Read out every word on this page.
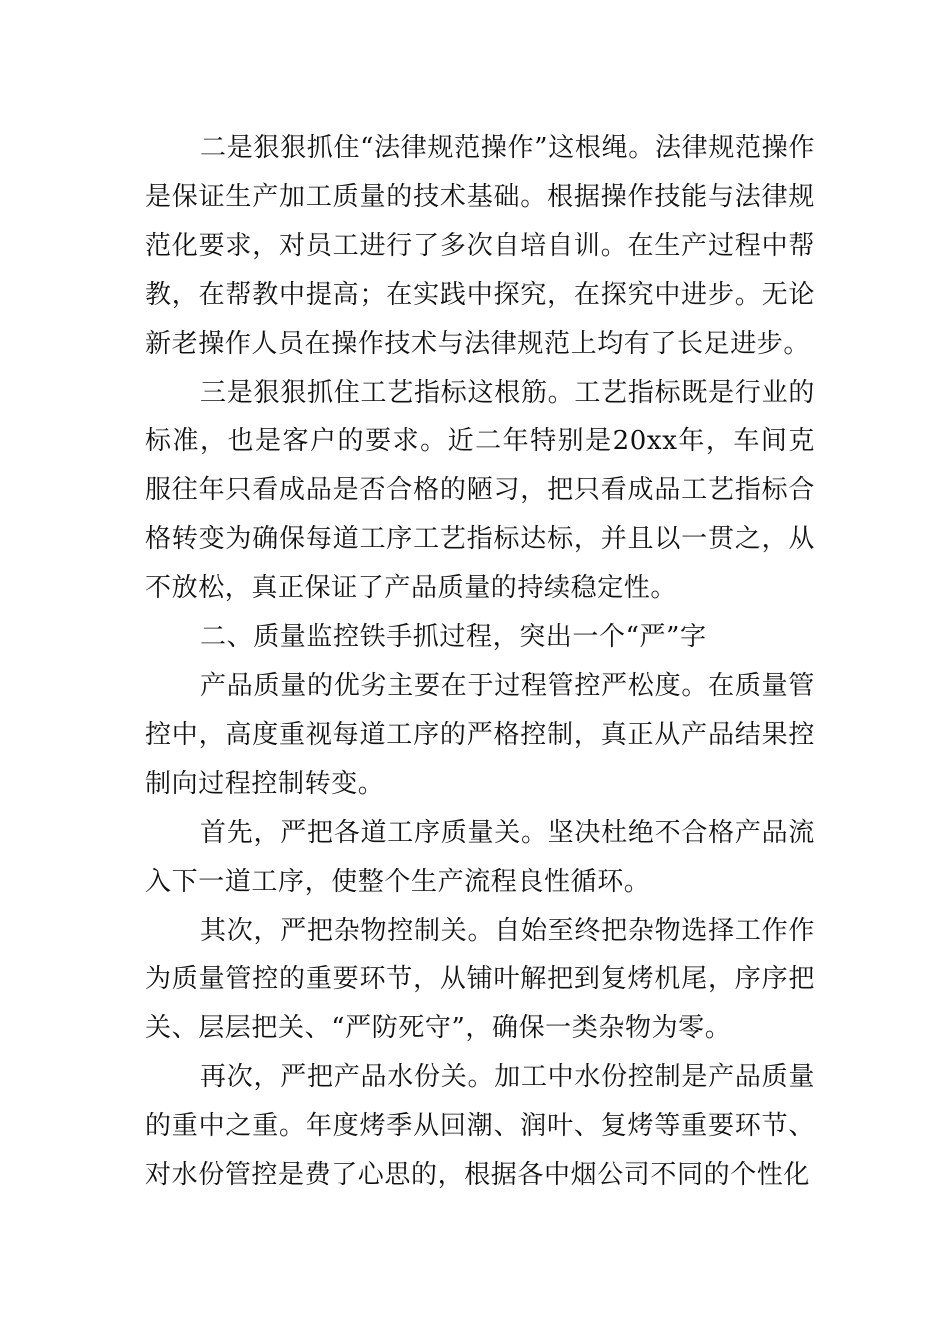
二是狠狠抓住“法律规范操作”这根绳。法律规范操作是保证生产加工质量的技术基础。根据操作技能与法律规范化要求，对员工进行了多次自培自训。在生产过程中帮教，在帮教中提高；在实践中探究，在探究中进步。无论新老操作人员在操作技术与法律规范上均有了长足进步。

三是狠狠抓住工艺指标这根筋。工艺指标既是行业的标准，也是客户的要求。近二年特别是20xx年，车间克服往年只看成品是否合格的陋习，把只看成品工艺指标合格转变为确保每道工序工艺指标达标，并且以一贯之，从不放松，真正保证了产品质量的持续稳定性。

二、质量监控铁手抓过程，突出一个“严”字

产品质量的优劣主要在于过程管控严松度。在质量管控中，高度重视每道工序的严格控制，真正从产品结果控制向过程控制转变。

首先，严把各道工序质量关。坚决杜绝不合格产品流入下一道工序，使整个生产流程良性循环。

其次，严把杂物控制关。自始至终把杂物选择工作作为质量管控的重要环节，从铺叶解把到复烤机尾，序序把关、层层把关、“严防死守”，确保一类杂物为零。

再次，严把产品水份关。加工中水份控制是产品质量的重中之重。年度烤季从回潮、润叶、复烤等重要环节、对水份管控是费了心思的，根据各中烟公司不同的个性化
